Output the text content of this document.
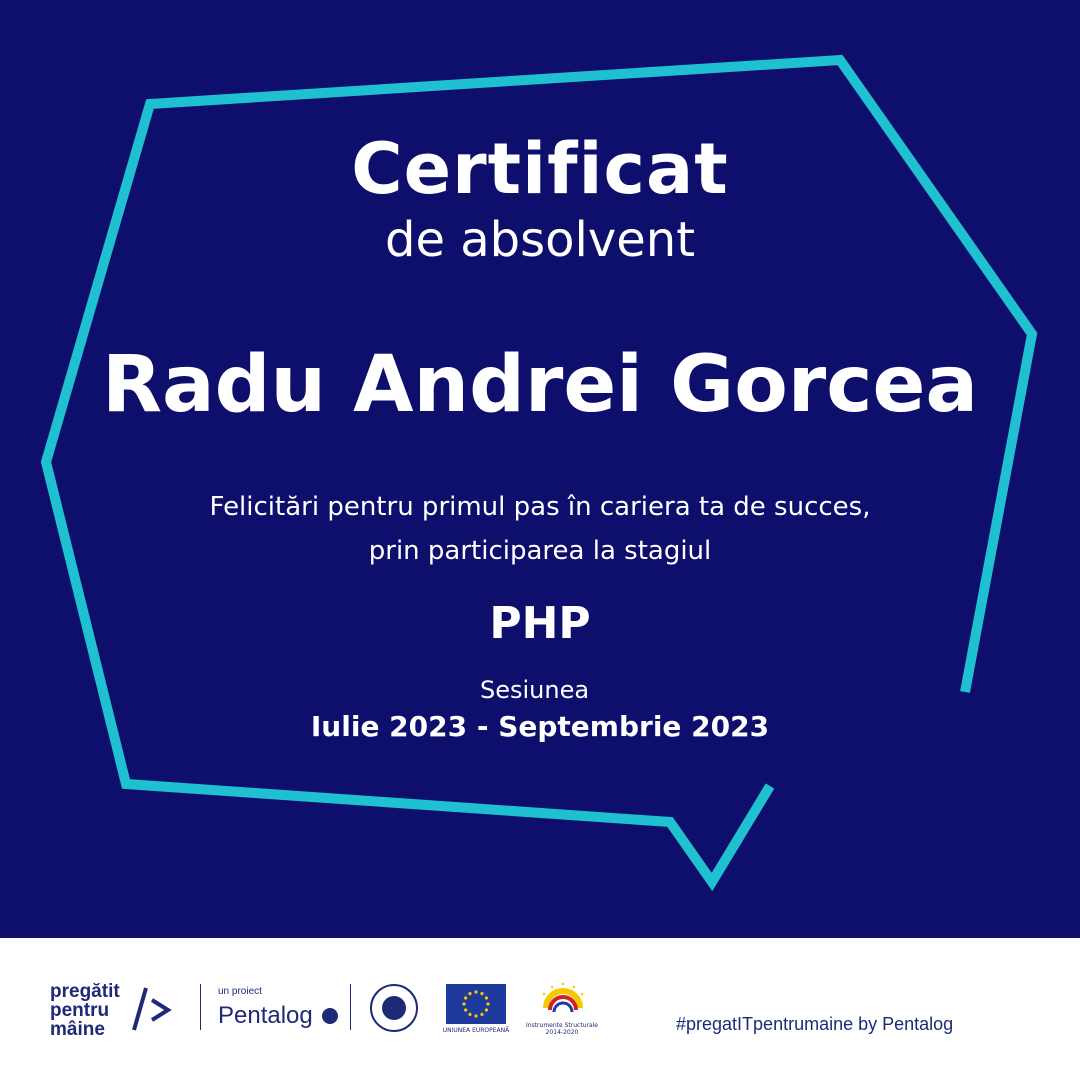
Certificat
de absolvent
Radu Andrei Gorcea
Felicitări pentru primul pas în cariera ta de succes,
prin participarea la stagiul
PHP
Sesiunea
Iulie 2023 - Septembrie 2023
pregătit
pentru
mâine
un proiect
Pentalog
UNIUNEA EUROPEANĂ
Instrumente Structurale
2014-2020	#pregatITpentrumaine by Pentalog
